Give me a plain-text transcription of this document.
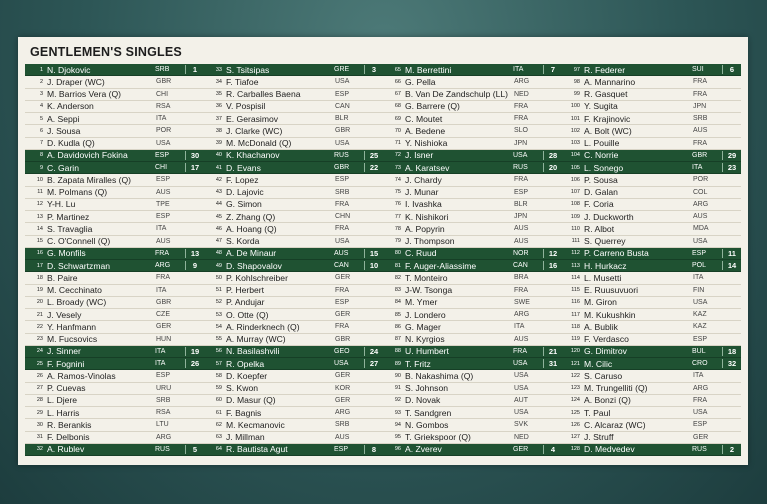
GENTLEMEN'S SINGLES
1 N. Djokovic	SRB	1
2 J. Draper (WC)	GBR
3 M. Barrios Vera (Q)	CHI
4 K. Anderson	RSA
5 A. Seppi	ITA
6 J. Sousa	POR
7 D. Kudla (Q)	USA
8 A. Davidovich Fokina	ESP	30
9 C. Garin	CHI	17
10 B. Zapata Miralles (Q)	ESP
11 M. Polmans (Q)	AUS
12 Y-H. Lu	TPE
13 P. Martinez	ESP
14 S. Travaglia	ITA
15 C. O'Connell (Q)	AUS
16 G. Monfils	FRA	13
17 D. Schwartzman	ARG	9
18 B. Paire	FRA
19 M. Cecchinato	ITA
20 L. Broady (WC)	GBR
21 J. Vesely	CZE
22 Y. Hanfmann	GER
23 M. Fucsovics	HUN
24 J. Sinner	ITA	19
25 F. Fognini	ITA	26
26 A. Ramos-Vinolas	ESP
27 P. Cuevas	URU
28 L. Djere	SRB
29 L. Harris	RSA
30 R. Berankis	LTU
31 F. Delbonis	ARG
32 A. Rublev	RUS	5
33 S. Tsitsipas	GRE	3
34 F. Tiafoe	USA
35 R. Carballes Baena	ESP
36 V. Pospisil	CAN
37 E. Gerasimov	BLR
38 J. Clarke (WC)	GBR
39 M. McDonald (Q)	USA
40 K. Khachanov	RUS	25
41 D. Evans	GBR	22
42 F. Lopez	ESP
43 D. Lajovic	SRB
44 G. Simon	FRA
45 Z. Zhang (Q)	CHN
46 A. Hoang (Q)	FRA
47 S. Korda	USA
48 A. De Minaur	AUS	15
49 D. Shapovalov	CAN	10
50 P. Kohlschreiber	GER
51 P. Herbert	FRA
52 P. Andujar	ESP
53 O. Otte (Q)	GER
54 A. Rinderknech (Q)	FRA
55 A. Murray (WC)	GBR
56 N. Basilashvili	GEO	24
57 R. Opelka	USA	27
58 D. Koepfer	GER
59 S. Kwon	KOR
60 D. Masur (Q)	GER
61 F. Bagnis	ARG
62 M. Kecmanovic	SRB
63 J. Millman	AUS
64 R. Bautista Agut	ESP	8
65 M. Berrettini	ITA	7
66 G. Pella	ARG
67 B. Van De Zandschulp (LL) NED
68 G. Barrere (Q)	FRA
69 C. Moutet	FRA
70 A. Bedene	SLO
71 Y. Nishioka	JPN
72 J. Isner	USA	28
73 A. Karatsev	RUS	20
74 J. Chardy	FRA
75 J. Munar	ESP
76 I. Ivashka	BLR
77 K. Nishikori	JPN
78 A. Popyrin	AUS
79 J. Thompson	AUS
80 C. Ruud	NOR	12
81 F. Auger-Aliassime	CAN	16
82 T. Monteiro	BRA
83 J-W. Tsonga	FRA
84 M. Ymer	SWE
85 J. Londero	ARG
86 G. Mager	ITA
87 N. Kyrgios	AUS
88 U. Humbert	FRA	21
89 T. Fritz	USA	31
90 B. Nakashima (Q)	USA
91 S. Johnson	USA
92 D. Novak	AUT
93 T. Sandgren	USA
94 N. Gombos	SVK
95 T. Griekspoor (Q)	NED
96 A. Zverev	GER	4
97 R. Federer	SUI	6
98 A. Mannarino	FRA
99 R. Gasquet	FRA
100 Y. Sugita	JPN
101 F. Krajinovic	SRB
102 A. Bolt (WC)	AUS
103 L. Pouille	FRA
104 C. Norrie	GBR	29
105 L. Sonego	ITA	23
106 P. Sousa	POR
107 D. Galan	COL
108 F. Coria	ARG
109 J. Duckworth	AUS
110 R. Albot	MDA
111 S. Querrey	USA
112 P. Carreno Busta	ESP	11
113 H. Hurkacz	POL	14
114 L. Musetti	ITA
115 E. Ruusuvuori	FIN
116 M. Giron	USA
117 M. Kukushkin	KAZ
118 A. Bublik	KAZ
119 F. Verdasco	ESP
120 G. Dimitrov	BUL	18
121 M. Cilic	CRO	32
122 S. Caruso	ITA
123 M. Trungelliti (Q)	ARG
124 A. Bonzi (Q)	FRA
125 T. Paul	USA
126 C. Alcaraz (WC)	ESP
127 J. Struff	GER
128 D. Medvedev	RUS	2
